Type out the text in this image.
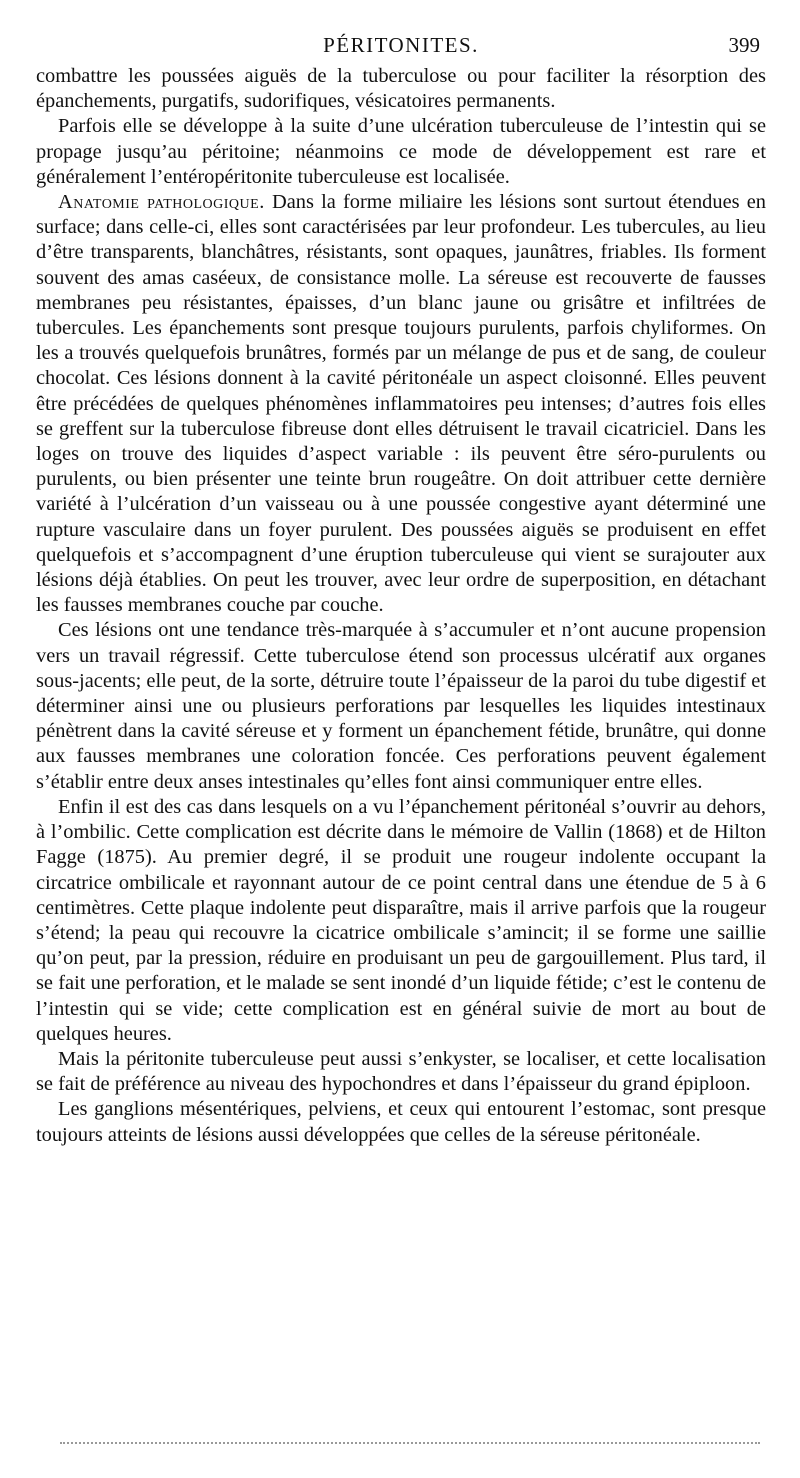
PÉRITONITES.	399

combattre les poussées aiguës de la tuberculose ou pour faciliter la résorption des épanchements, purgatifs, sudorifiques, vésicatoires permanents.

Parfois elle se développe à la suite d’une ulcération tuberculeuse de l’intestin qui se propage jusqu’au péritoine; néanmoins ce mode de développement est rare et généralement l’entéropéritonite tuberculeuse est localisée.

Anatomie pathologique. Dans la forme miliaire les lésions sont surtout étendues en surface; dans celle-ci, elles sont caractérisées par leur profondeur. Les tubercules, au lieu d’être transparents, blanchâtres, résistants, sont opaques, jaunâtres, friables. Ils forment souvent des amas caséeux, de consistance molle. La séreuse est recouverte de fausses membranes peu résistantes, épaisses, d’un blanc jaune ou grisâtre et infiltrées de tubercules. Les épanchements sont presque toujours purulents, parfois chyliformes. On les a trouvés quelquefois brunâtres, formés par un mélange de pus et de sang, de couleur chocolat. Ces lésions donnent à la cavité péritonéale un aspect cloisonné. Elles peuvent être précédées de quelques phénomènes inflammatoires peu intenses; d’autres fois elles se greffent sur la tuberculose fibreuse dont elles détruisent le travail cicatriciel. Dans les loges on trouve des liquides d’aspect variable : ils peuvent être séro-purulents ou purulents, ou bien présenter une teinte brun rougeâtre. On doit attribuer cette dernière variété à l’ulcération d’un vaisseau ou à une poussée congestive ayant déterminé une rupture vasculaire dans un foyer purulent. Des poussées aiguës se produisent en effet quelquefois et s’accompagnent d’une éruption tuberculeuse qui vient se surajouter aux lésions déjà établies. On peut les trouver, avec leur ordre de superposition, en détachant les fausses membranes couche par couche.

Ces lésions ont une tendance très-marquée à s’accumuler et n’ont aucune propension vers un travail régressif. Cette tuberculose étend son processus ulcératif aux organes sous-jacents; elle peut, de la sorte, détruire toute l’épaisseur de la paroi du tube digestif et déterminer ainsi une ou plusieurs perforations par lesquelles les liquides intestinaux pénètrent dans la cavité séreuse et y forment un épanchement fétide, brunâtre, qui donne aux fausses membranes une coloration foncée. Ces perforations peuvent également s’établir entre deux anses intestinales qu’elles font ainsi communiquer entre elles.

Enfin il est des cas dans lesquels on a vu l’épanchement péritonéal s’ouvrir au dehors, à l’ombilic. Cette complication est décrite dans le mémoire de Vallin (1868) et de Hilton Fagge (1875). Au premier degré, il se produit une rougeur indolente occupant la circatrice ombilicale et rayonnant autour de ce point central dans une étendue de 5 à 6 centimètres. Cette plaque indolente peut disparaître, mais il arrive parfois que la rougeur s’étend; la peau qui recouvre la cicatrice ombilicale s’amincit; il se forme une saillie qu’on peut, par la pression, réduire en produisant un peu de gargouillement. Plus tard, il se fait une perforation, et le malade se sent inondé d’un liquide fétide; c’est le contenu de l’intestin qui se vide; cette complication est en général suivie de mort au bout de quelques heures.

Mais la péritonite tuberculeuse peut aussi s’enkyster, se localiser, et cette localisation se fait de préférence au niveau des hypochondres et dans l’épaisseur du grand épiploon.

Les ganglions mésentériques, pelviens, et ceux qui entourent l’estomac, sont presque toujours atteints de lésions aussi développées que celles de la séreuse péritonéale.
